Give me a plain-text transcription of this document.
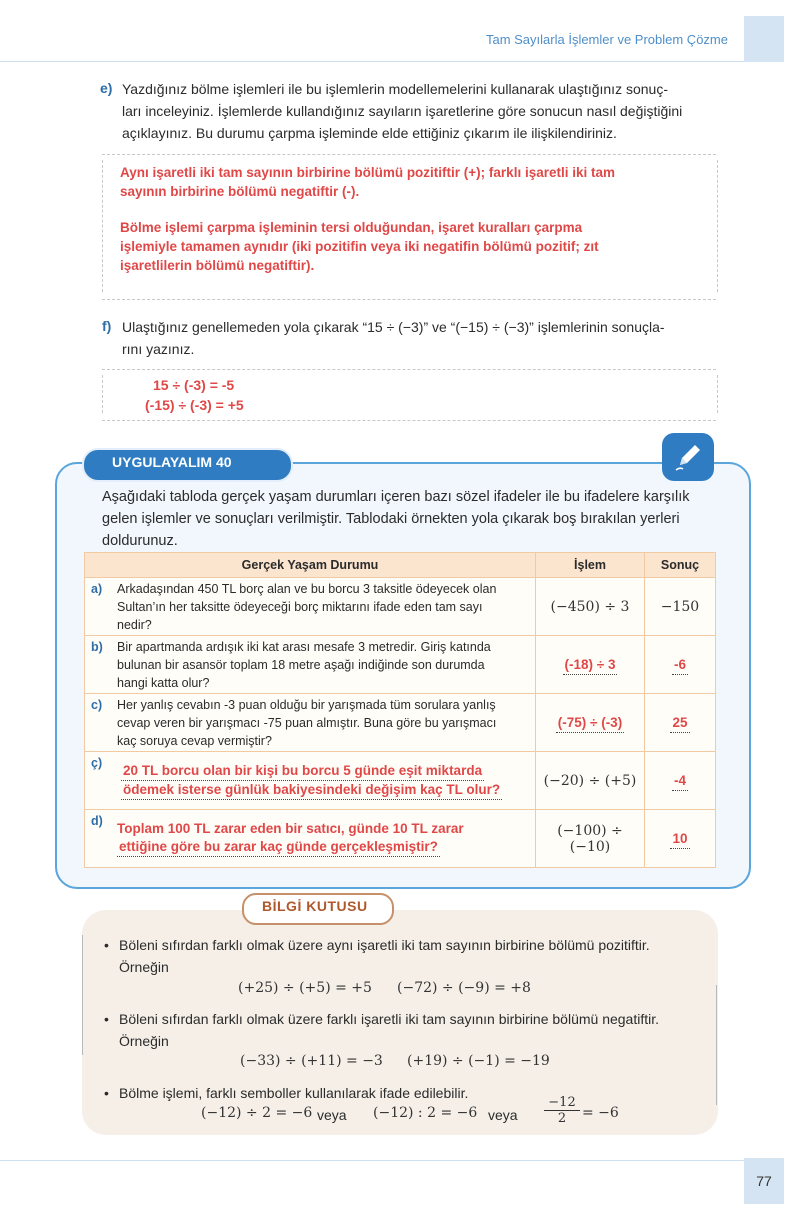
Tam Sayılarla İşlemler ve Problem Çözme
e) Yazdığınız bölme işlemleri ile bu işlemlerin modellemelerini kullanarak ulaştığınız sonuç-
ları inceleyiniz. İşlemlerde kullandığınız sayıların işaretlerine göre sonucun nasıl değiştiğini
açıklayınız. Bu durumu çarpma işleminde elde ettiğiniz çıkarım ile ilişkilendiriniz.
Aynı işaretli iki tam sayının birbirine bölümü pozitiftir (+); farklı işaretli iki tam
sayının birbirine bölümü negatiftir (-).
Bölme işlemi çarpma işleminin tersi olduğundan, işaret kuralları çarpma
işlemiyle tamamen aynıdır (iki pozitifin veya iki negatifin bölümü pozitif; zıt
işaretlilerin bölümü negatiftir).
f) Ulaştığınız genellemeden yola çıkarak “15 ÷ (−3)” ve “(−15) ÷ (−3)” işlemlerinin sonuçla-
rını yazınız.
15 ÷ (-3) = -5
(-15) ÷ (-3) = +5
UYGULAYALIM 40
Aşağıdaki tabloda gerçek yaşam durumları içeren bazı sözel ifadeler ile bu ifadelere karşılık
gelen işlemler ve sonuçları verilmiştir. Tablodaki örnekten yola çıkarak boş bırakılan yerleri
doldurunuz.
Gerçek Yaşam Durumu		İşlem	Sonuç
a)	Arkadaşından 450 TL borç alan ve bu borcu 3 taksitle ödeyecek olan
Sultan’ın her taksitte ödeyeceği borç miktarını ifade eden tam sayı
nedir?	(−450) ÷ 3	−150
b)	Bir apartmanda ardışık iki kat arası mesafe 3 metredir. Giriş katında
bulunan bir asansör toplam 18 metre aşağı indiğinde son durumda
hangi katta olur?	(-18) ÷ 3	-6
c)	Her yanlış cevabın -3 puan olduğu bir yarışmada tüm sorulara yanlış
cevap veren bir yarışmacı -75 puan almıştır. Buna göre bu yarışmacı
kaç soruya cevap vermiştir?	(-75) ÷ (-3)	25
ç)	20 TL borcu olan bir kişi bu borcu 5 günde eşit miktarda
ödemek isterse günlük bakiyesindeki değişim kaç TL olur?	(−20) ÷ (+5)	-4
d)	Toplam 100 TL zarar eden bir satıcı, günde 10 TL zarar
ettiğine göre bu zarar kaç günde gerçekleşmiştir?	(−100) ÷ (−10)	10
BİLGİ KUTUSU
• Böleni sıfırdan farklı olmak üzere aynı işaretli iki tam sayının birbirine bölümü pozitiftir.
Örneğin
(+25) ÷ (+5) = +5 (−72) ÷ (−9) = +8
• Böleni sıfırdan farklı olmak üzere farklı işaretli iki tam sayının birbirine bölümü negatiftir.
Örneğin
(−33) ÷ (+11) = −3 (+19) ÷ (−1) = −19
• Bölme işlemi, farklı semboller kullanılarak ifade edilebilir.
(−12) ÷ 2 = −6 veya (−12) : 2 = −6 veya $\frac{-12}{2} = -6$
77
